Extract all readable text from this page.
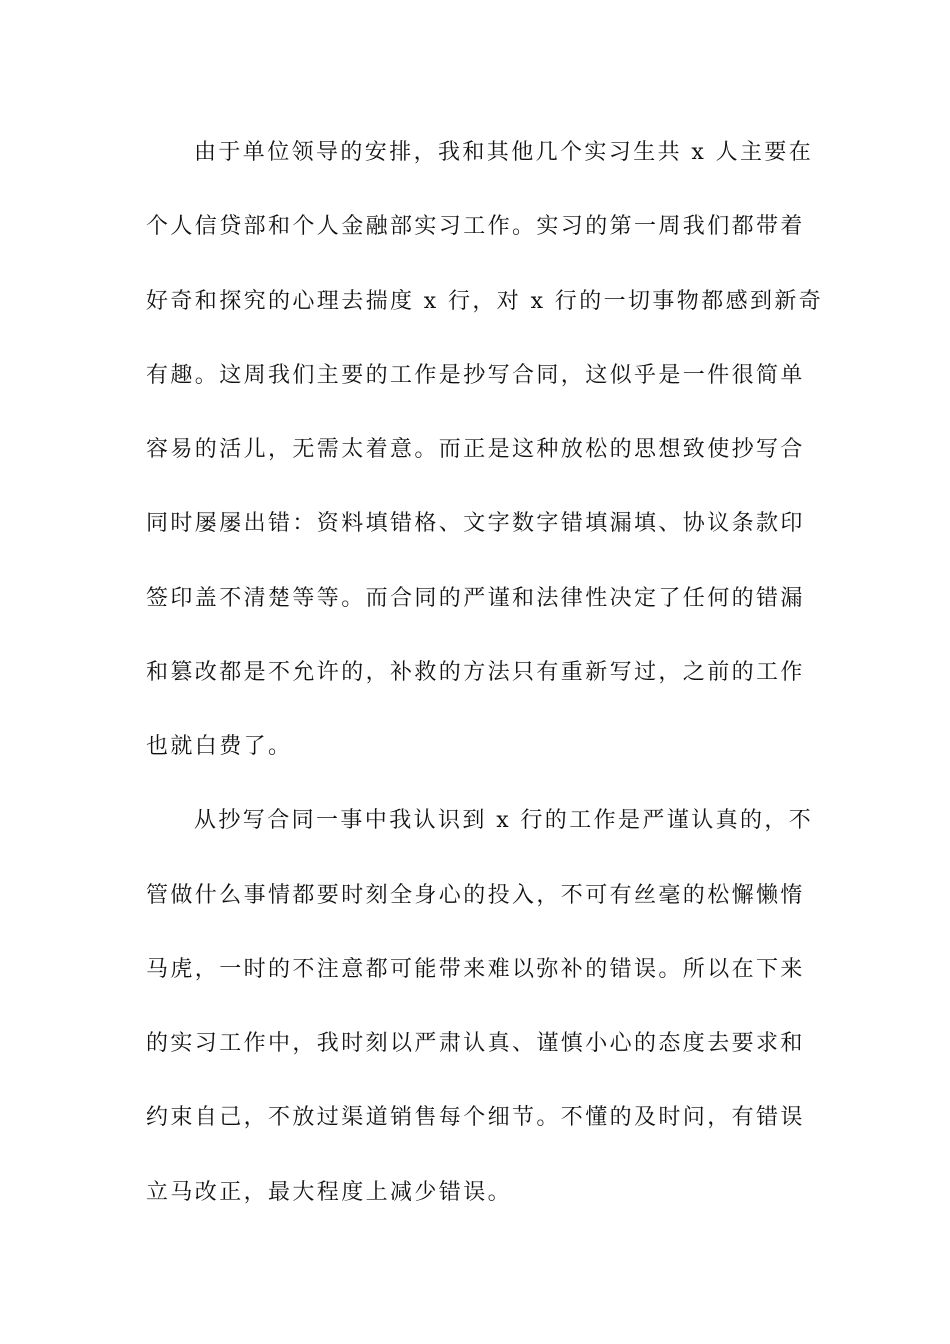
由于单位领导的安排，我和其他几个实习生共 x 人主要在
个人信贷部和个人金融部实习工作。实习的第一周我们都带着
好奇和探究的心理去揣度 x 行，对 x 行的一切事物都感到新奇
有趣。这周我们主要的工作是抄写合同，这似乎是一件很简单
容易的活儿，无需太着意。而正是这种放松的思想致使抄写合
同时屡屡出错：资料填错格、文字数字错填漏填、协议条款印
签印盖不清楚等等。而合同的严谨和法律性决定了任何的错漏
和篡改都是不允许的，补救的方法只有重新写过，之前的工作
也就白费了。
从抄写合同一事中我认识到 x 行的工作是严谨认真的，不
管做什么事情都要时刻全身心的投入，不可有丝毫的松懈懒惰
马虎，一时的不注意都可能带来难以弥补的错误。所以在下来
的实习工作中，我时刻以严肃认真、谨慎小心的态度去要求和
约束自己，不放过渠道销售每个细节。不懂的及时问，有错误
立马改正，最大程度上减少错误。
